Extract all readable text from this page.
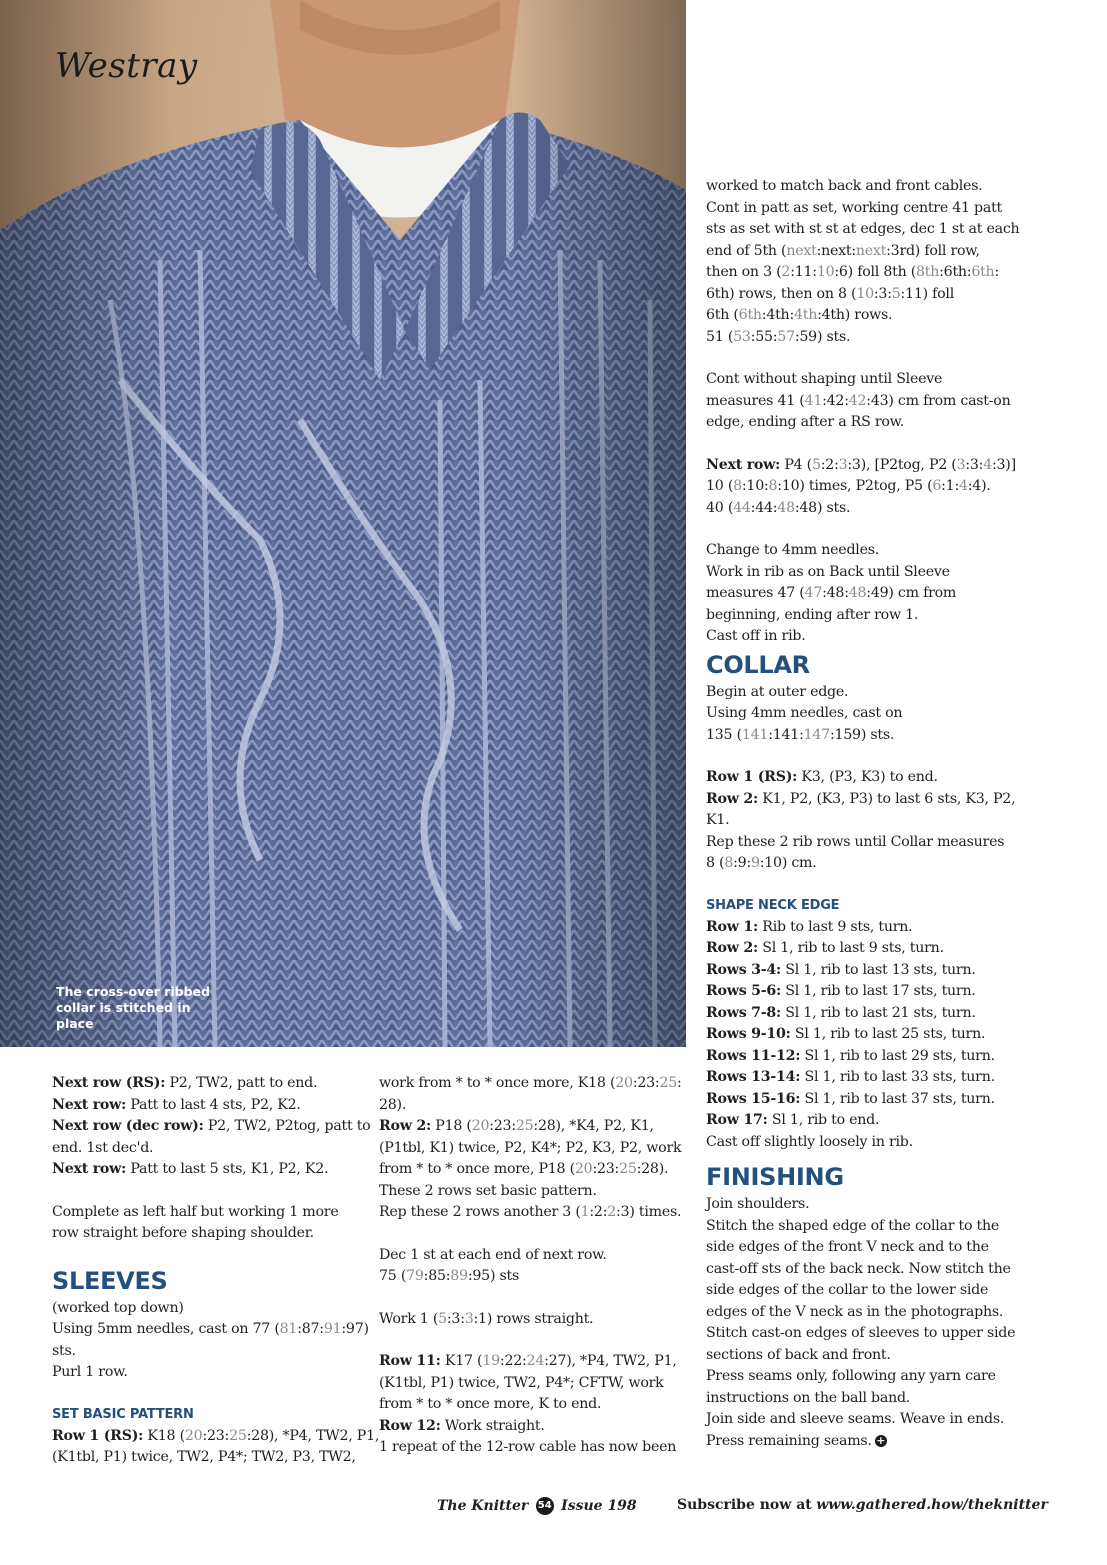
Westray
The cross-over ribbed collar is stitched in place

Next row (RS): P2, TW2, patt to end.
Next row: Patt to last 4 sts, P2, K2.
Next row (dec row): P2, TW2, P2tog, patt to
end. 1st dec'd.
Next row: Patt to last 5 sts, K1, P2, K2.

Complete as left half but working 1 more
row straight before shaping shoulder.

SLEEVES

(worked top down)
Using 5mm needles, cast on 77 (81:87:91:97)
sts.
Purl 1 row.

SET BASIC PATTERN

Row 1 (RS): K18 (20:23:25:28), *P4, TW2, P1,
(K1tbl, P1) twice, TW2, P4*; TW2, P3, TW2,

work from * to * once more, K18 (20:23:25:
28).
Row 2: P18 (20:23:25:28), *K4, P2, K1,
(P1tbl, K1) twice, P2, K4*; P2, K3, P2, work
from * to * once more, P18 (20:23:25:28).
These 2 rows set basic pattern.
Rep these 2 rows another 3 (1:2:2:3) times.

Dec 1 st at each end of next row.
75 (79:85:89:95) sts

Work 1 (5:3:3:1) rows straight.

Row 11: K17 (19:22:24:27), *P4, TW2, P1,
(K1tbl, P1) twice, TW2, P4*; CFTW, work
from * to * once more, K to end.
Row 12: Work straight.
1 repeat of the 12-row cable has now been

worked to match back and front cables.
Cont in patt as set, working centre 41 patt
sts as set with st st at edges, dec 1 st at each
end of 5th (next:next:next:3rd) foll row,
then on 3 (2:11:10:6) foll 8th (8th:6th:6th:
6th) rows, then on 8 (10:3:5:11) foll
6th (6th:4th:4th:4th) rows.
51 (53:55:57:59) sts.

Cont without shaping until Sleeve
measures 41 (41:42:42:43) cm from cast-on
edge, ending after a RS row.

Next row: P4 (5:2:3:3), [P2tog, P2 (3:3:4:3)]
10 (8:10:8:10) times, P2tog, P5 (6:1:4:4).
40 (44:44:48:48) sts.

Change to 4mm needles.
Work in rib as on Back until Sleeve
measures 47 (47:48:48:49) cm from
beginning, ending after row 1.
Cast off in rib.

COLLAR

Begin at outer edge.
Using 4mm needles, cast on
135 (141:141:147:159) sts.

Row 1 (RS): K3, (P3, K3) to end.
Row 2: K1, P2, (K3, P3) to last 6 sts, K3, P2,
K1.
Rep these 2 rib rows until Collar measures
8 (8:9:9:10) cm.

SHAPE NECK EDGE

Row 1: Rib to last 9 sts, turn.
Row 2: Sl 1, rib to last 9 sts, turn.
Rows 3-4: Sl 1, rib to last 13 sts, turn.
Rows 5-6: Sl 1, rib to last 17 sts, turn.
Rows 7-8: Sl 1, rib to last 21 sts, turn.
Rows 9-10: Sl 1, rib to last 25 sts, turn.
Rows 11-12: Sl 1, rib to last 29 sts, turn.
Rows 13-14: Sl 1, rib to last 33 sts, turn.
Rows 15-16: Sl 1, rib to last 37 sts, turn.
Row 17: Sl 1, rib to end.
Cast off slightly loosely in rib.

FINISHING

Join shoulders.
Stitch the shaped edge of the collar to the
side edges of the front V neck and to the
cast-off sts of the back neck. Now stitch the
side edges of the collar to the lower side
edges of the V neck as in the photographs.
Stitch cast-on edges of sleeves to upper side
sections of back and front.
Press seams only, following any yarn care
instructions on the ball band.
Join side and sleeve seams. Weave in ends.
Press remaining seams. +

The Knitter 54 Issue 198	Subscribe now at www.gathered.how/theknitter
